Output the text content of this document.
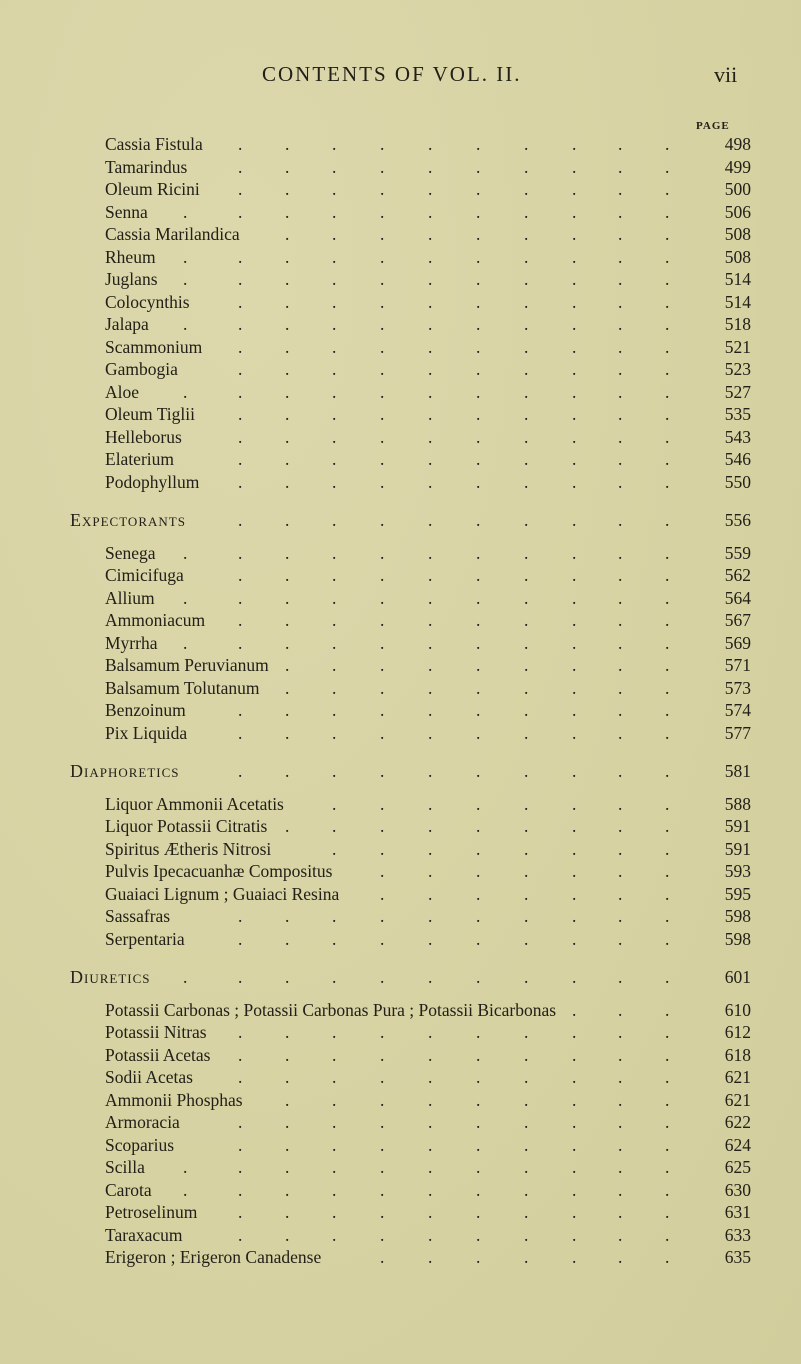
CONTENTS OF VOL. II.	vii
PAGE
Cassia Fistula . . . . . . . . . .	498
Tamarindus	. . . . . . . . . .	499
Oleum Ricini . . . . . . . . . .	500
Senna .	. . . . . . . . . .	506
Cassia Marilandica	. . . . . . . . .	508
Rheum .	. . . . . . . . . .	508
Juglans .	. . . . . . . . . .	514
Colocynthis	. . . . . . . . . .	514
Jalapa .	. . . . . . . . . .	518
Scammonium . . . . . . . . . .	521
Gambogia	. . . . . . . . . .	523
Aloe	.	. . . . . . . . . .	527
Oleum Tiglii . . . . . . . . . .	535
Helleborus	. . . . . . . . . .	543
Elaterium	. . . . . . . . . .	546
Podophyllum . . . . . . . . . .	550
Expectorants	. . . . . . . . . .	556
Senega .	. . . . . . . . . .	559
Cimicifuga	. . . . . . . . . .	562
Allium .	. . . . . . . . . .	564
Ammoniacum . . . . . . . . . .	567
Myrrha .	. . . . . . . . . .	569
Balsamum Peruvianum . . . . . . . . .	571
Balsamum Tolutanum . . . . . . . . .	573
Benzoinum	. . . . . . . . . .	574
Pix Liquida	. . . . . . . . . .	577
Diaphoretics	. . . . . . . . . .	581
Liquor Ammonii Acetatis	. . . . . . . .	588
Liquor Potassii Citratis . . . . . . . . .	591
Spiritus Ætheris Nitrosi	. . . . . . . .	591
Pulvis Ipecacuanhæ Compositus	. . . . . . .	593
Guaiaci Lignum ; Guaiaci Resina . . . . . . .	595
Sassafras	. . . . . . . . . .	598
Serpentaria	. . . . . . . . . .	598
Diuretics .	. . . . . . . . . .	601
Potassii Carbonas ; Potassii Carbonas Pura ; Potassii Bicarbonas . . .	610
Potassii Nitras . . . . . . . . . .	612
Potassii Acetas . . . . . . . . . .	618
Sodii Acetas	. . . . . . . . . .	621
Ammonii Phosphas . . . . . . . . .	621
Armoracia	. . . . . . . . . .	622
Scoparius	. . . . . . . . . .	624
Scilla .	. . . . . . . . . .	625
Carota .	. . . . . . . . . .	630
Petroselinum . . . . . . . . . .	631
Taraxacum	. . . . . . . . . .	633
Erigeron ; Erigeron Canadense	. . . . . . .	635
